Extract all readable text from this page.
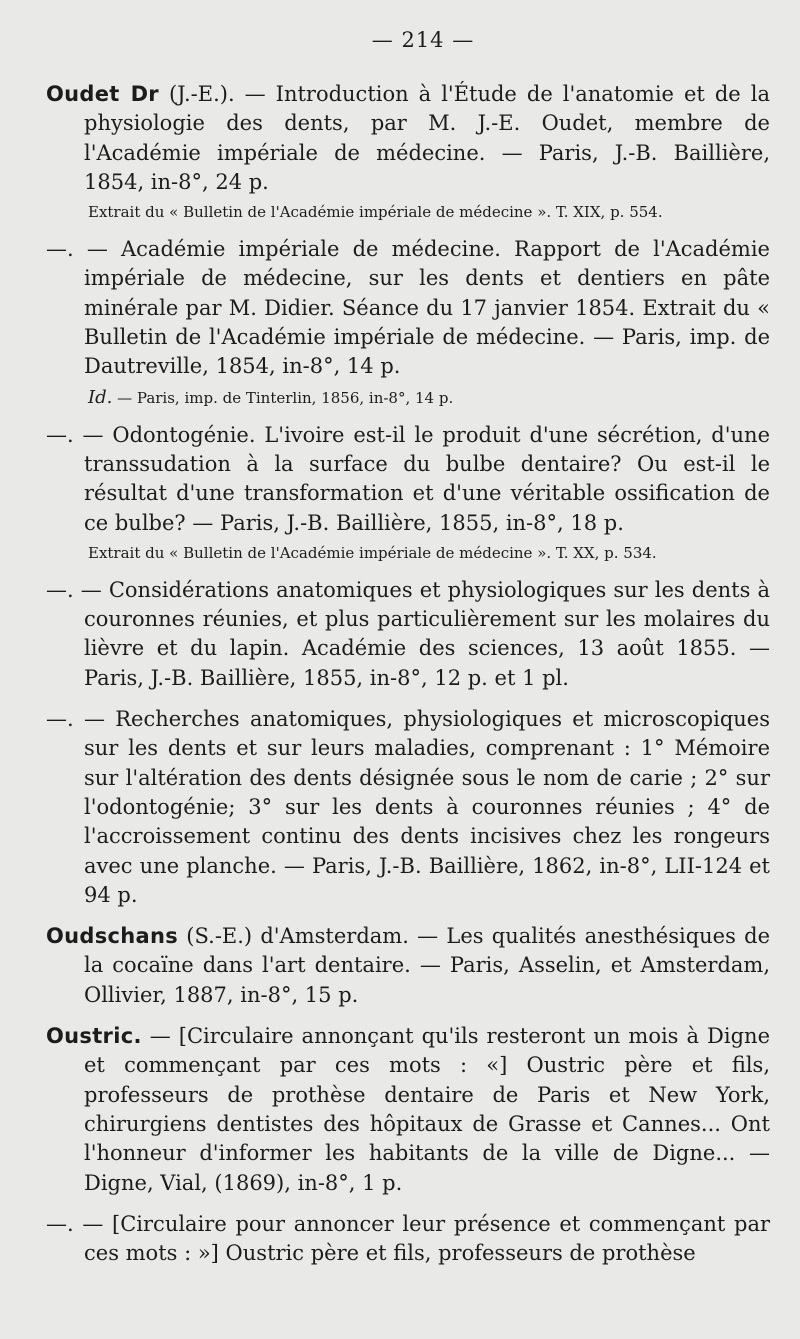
— 214 —
Oudet Dr (J.-E.). — Introduction à l'Étude de l'anatomie et de la physiologie des dents, par M. J.-E. Oudet, membre de l'Académie impériale de médecine. — Paris, J.-B. Baillière, 1854, in-8°, 24 p.
Extrait du « Bulletin de l'Académie impériale de médecine ». T. XIX, p. 554.
—. — Académie impériale de médecine. Rapport de l'Académie impériale de médecine, sur les dents et dentiers en pâte minérale par M. Didier. Séance du 17 janvier 1854. Extrait du « Bulletin de l'Académie impériale de médecine. — Paris, imp. de Dautreville, 1854, in-8°, 14 p.
Id. — Paris, imp. de Tinterlin, 1856, in-8°, 14 p.
—. — Odontogénie. L'ivoire est-il le produit d'une sécrétion, d'une transsudation à la surface du bulbe dentaire? Ou est-il le résultat d'une transformation et d'une véritable ossification de ce bulbe? — Paris, J.-B. Baillière, 1855, in-8°, 18 p.
Extrait du « Bulletin de l'Académie impériale de médecine ». T. XX, p. 534.
—. — Considérations anatomiques et physiologiques sur les dents à couronnes réunies, et plus particulièrement sur les molaires du lièvre et du lapin. Académie des sciences, 13 août 1855. — Paris, J.-B. Baillière, 1855, in-8°, 12 p. et 1 pl.
—. — Recherches anatomiques, physiologiques et microscopiques sur les dents et sur leurs maladies, comprenant : 1° Mémoire sur l'altération des dents désignée sous le nom de carie ; 2° sur l'odontogénie; 3° sur les dents à couronnes réunies ; 4° de l'accroissement continu des dents incisives chez les rongeurs avec une planche. — Paris, J.-B. Baillière, 1862, in-8°, LII-124 et 94 p.
Oudschans (S.-E.) d'Amsterdam. — Les qualités anesthésiques de la cocaïne dans l'art dentaire. — Paris, Asselin, et Amsterdam, Ollivier, 1887, in-8°, 15 p.
Oustric. — [Circulaire annonçant qu'ils resteront un mois à Digne et commençant par ces mots : «] Oustric père et fils, professeurs de prothèse dentaire de Paris et New York, chirurgiens dentistes des hôpitaux de Grasse et Cannes... Ont l'honneur d'informer les habitants de la ville de Digne... — Digne, Vial, (1869), in-8°, 1 p.
—. — [Circulaire pour annoncer leur présence et commençant par ces mots : »] Oustric père et fils, professeurs de prothèse
